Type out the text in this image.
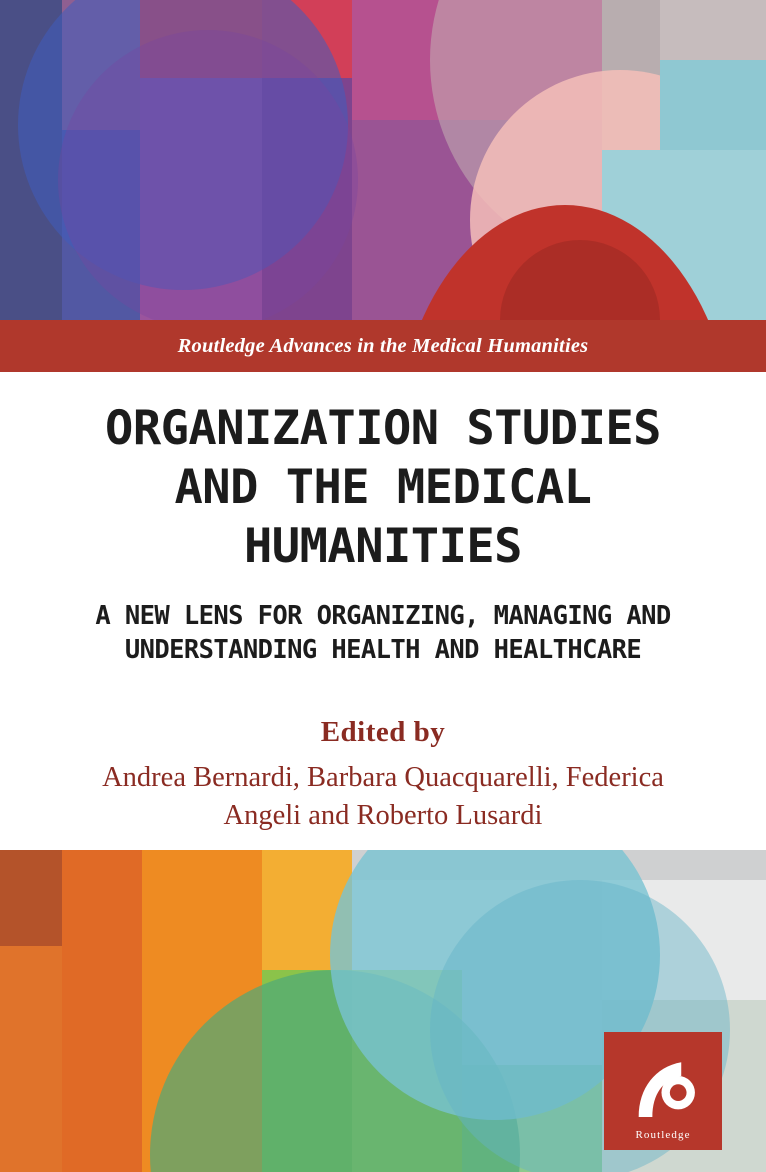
Routledge Advances in the Medical Humanities
ORGANIZATION STUDIES AND THE MEDICAL HUMANITIES
A NEW LENS FOR ORGANIZING, MANAGING AND UNDERSTANDING HEALTH AND HEALTHCARE

Edited by

Andrea Bernardi, Barbara Quacquarelli, Federica Angeli and Roberto Lusardi

Routledge
